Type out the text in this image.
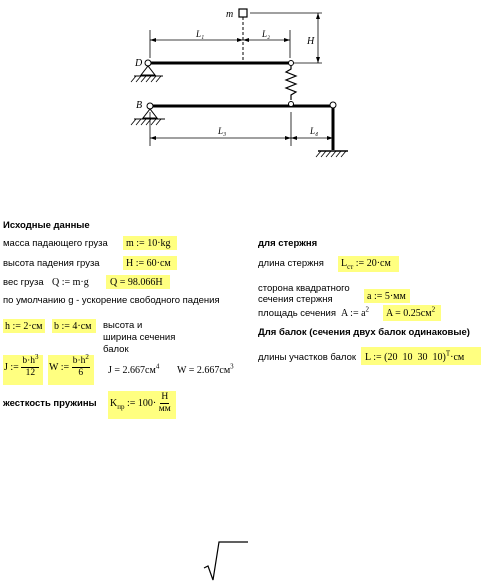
m
L₁	L₂
H
D
B
L₃	L₄
Исходные данные
масса падающего груза m := 10·kg
высота падения груза	H := 60·см
вес груза Q := m·g Q = 98.066H
по умолчанию g - ускорение свободного падения
h := 2·см b := 4·см высота и
ширина сечения
балок
J := $\frac{b\cdot h^3}{12}$ W := $\frac{b\cdot h^2}{6}$ $J = 2.667см^4$ $W = 2.667см^3$
жесткость пружины $K_{пр}$ := $100\cdot \frac{H}{мм}$
для стержня
длина стержня $L_{ст}$ := 20·см
сторона квадратного
сечения стержня	a := 5·мм
площадь сечения A := $a^2$ $A = 0.25см^2$
Для балок (сечения двух балок одинаковые)
длины участков балок L := (20  10  30  10)$^T$·см
